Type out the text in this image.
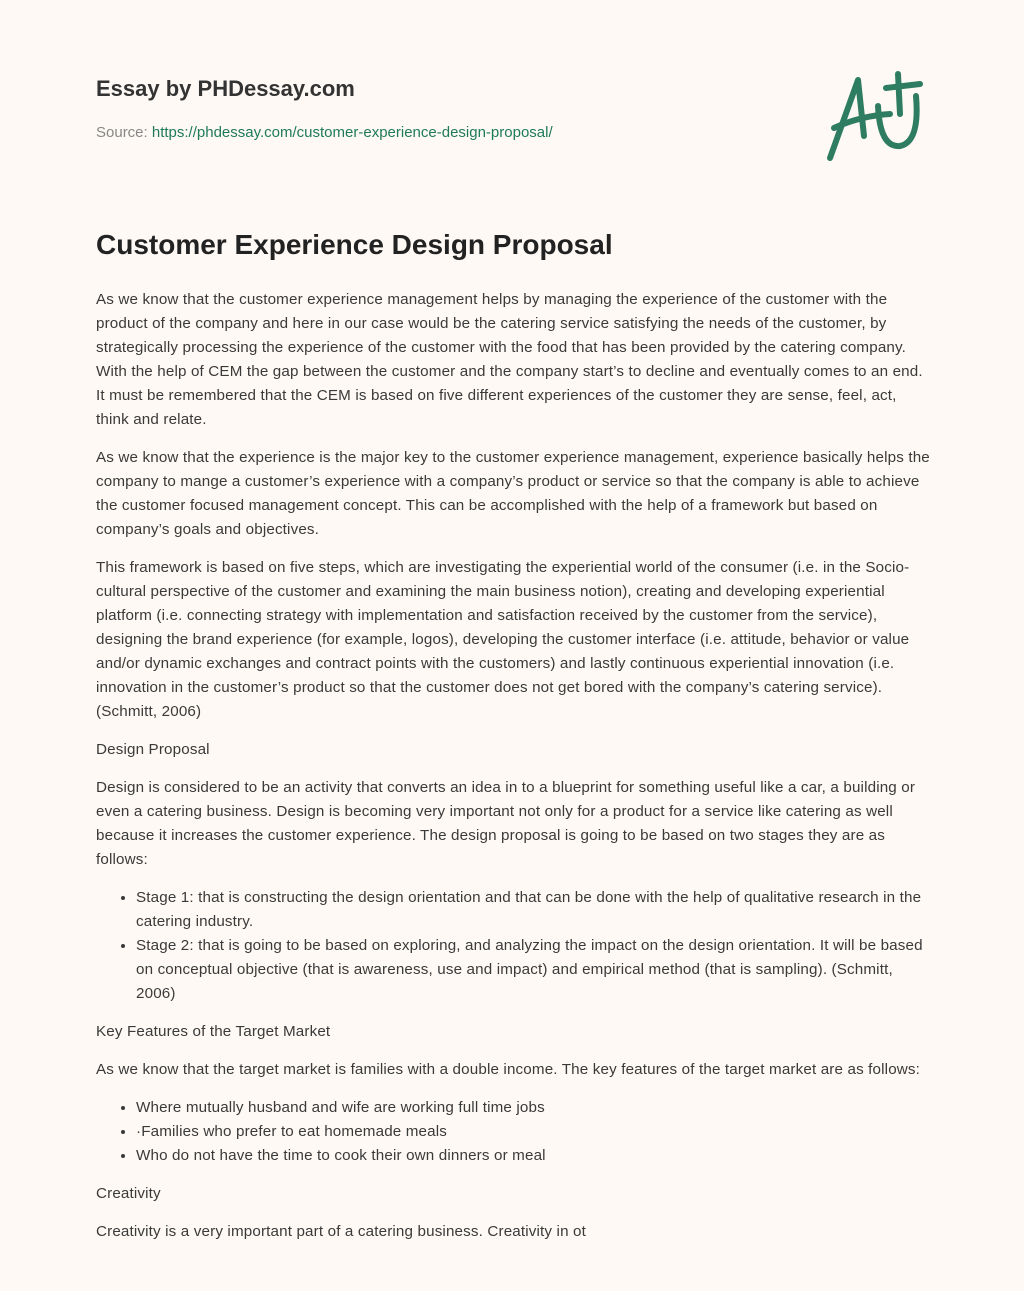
Essay by PHDessay.com
Source: https://phdessay.com/customer-experience-design-proposal/
Customer Experience Design Proposal

As we know that the customer experience management helps by managing the experience of the customer with the product of the company and here in our case would be the catering service satisfying the needs of the customer, by strategically processing the experience of the customer with the food that has been provided by the catering company. With the help of CEM the gap between the customer and the company start’s to decline and eventually comes to an end. It must be remembered that the CEM is based on five different experiences of the customer they are sense, feel, act, think and relate.

As we know that the experience is the major key to the customer experience management, experience basically helps the company to mange a customer’s experience with a company’s product or service so that the company is able to achieve the customer focused management concept. This can be accomplished with the help of a framework but based on company’s goals and objectives.

This framework is based on five steps, which are investigating the experiential world of the consumer (i.e. in the Socio-cultural perspective of the customer and examining the main business notion), creating and developing experiential platform (i.e. connecting strategy with implementation and satisfaction received by the customer from the service), designing the brand experience (for example, logos), developing the customer interface (i.e. attitude, behavior or value and/or dynamic exchanges and contract points with the customers) and lastly continuous experiential innovation (i.e. innovation in the customer’s product so that the customer does not get bored with the company’s catering service). (Schmitt, 2006)

Design Proposal

Design is considered to be an activity that converts an idea in to a blueprint for something useful like a car, a building or even a catering business. Design is becoming very important not only for a product for a service like catering as well because it increases the customer experience. The design proposal is going to be based on two stages they are as follows:

• Stage 1: that is constructing the design orientation and that can be done with the help of qualitative research in the catering industry.
• Stage 2: that is going to be based on exploring, and analyzing the impact on the design orientation. It will be based on conceptual objective (that is awareness, use and impact) and empirical method (that is sampling). (Schmitt, 2006)

Key Features of the Target Market

As we know that the target market is families with a double income. The key features of the target market are as follows:

• Where mutually husband and wife are working full time jobs
• ·Families who prefer to eat homemade meals
• Who do not have the time to cook their own dinners or meal

Creativity

Creativity is a very important part of a catering business. Creativity in ot
